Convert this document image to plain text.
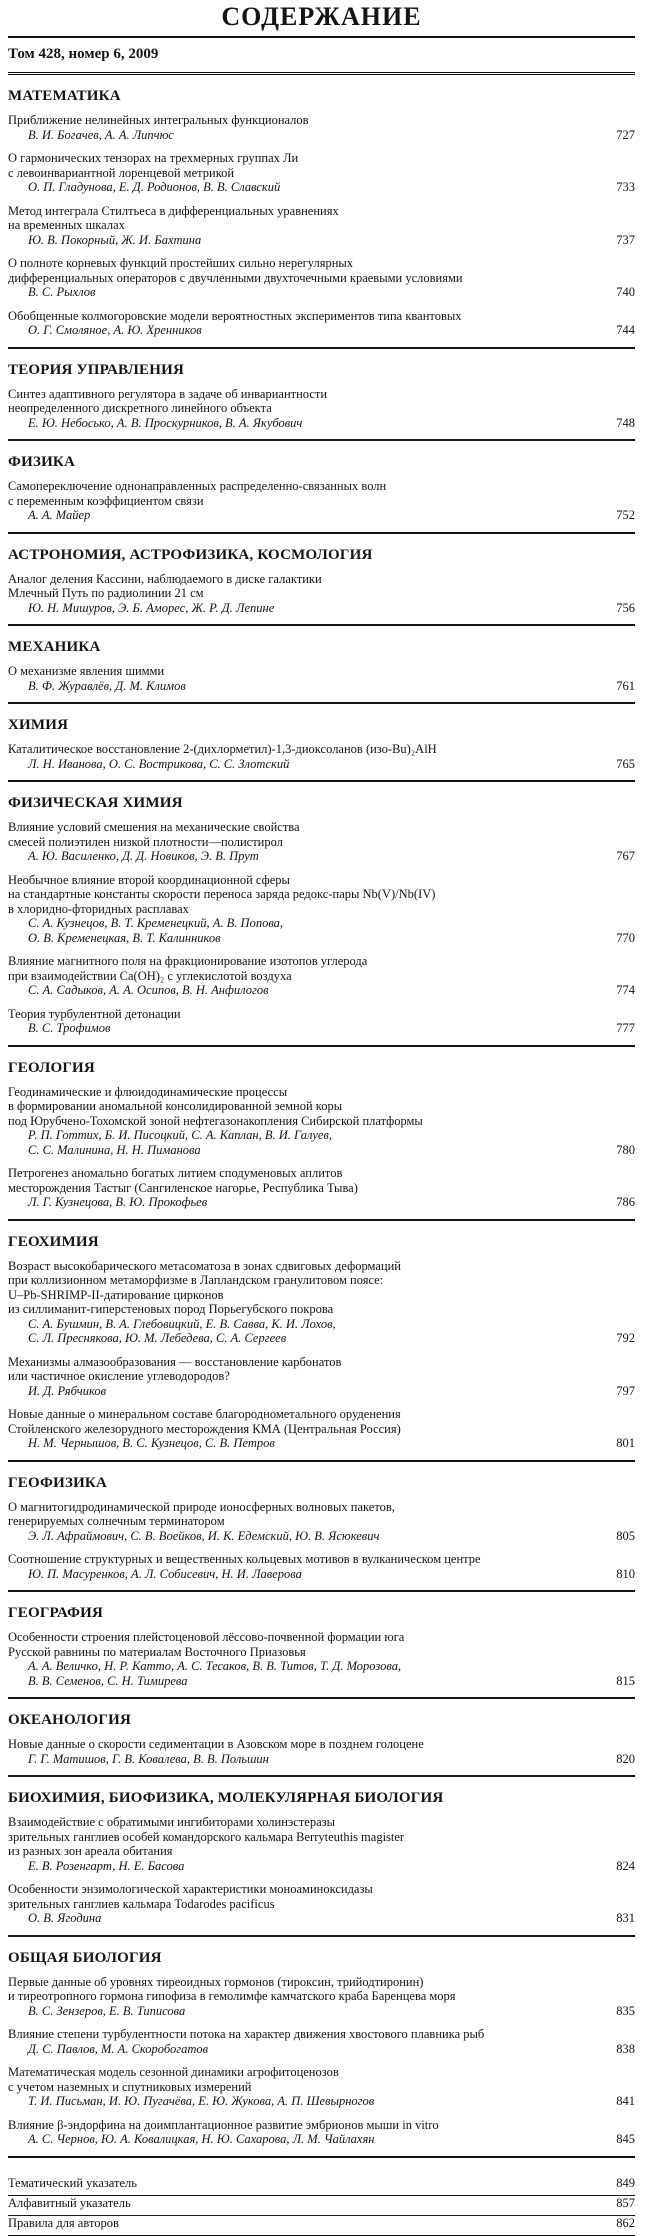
СОДЕРЖАНИЕ
Том 428, номер 6, 2009
МАТЕМАТИКА
Приближение нелинейных интегральных функционалов
В. И. Богачев, А. А. Липчюс	727
О гармонических тензорах на трехмерных группах Ли
с левоинвариантной лоренцевой метрикой
О. П. Гладунова, Е. Д. Родионов, В. В. Славский	733
Метод интеграла Стилтьеса в дифференциальных уравнениях
на временных шкалах
Ю. В. Покорный, Ж. И. Бахтина	737
О полноте корневых функций простейших сильно нерегулярных
дифференциальных операторов с двучленными двухточечными краевыми условиями
В. С. Рыхлов	740
Обобщенные колмогоровские модели вероятностных экспериментов типа квантовых
О. Г. Смоляное, А. Ю. Хренников	744
ТЕОРИЯ УПРАВЛЕНИЯ
Синтез адаптивного регулятора в задаче об инвариантности
неопределенного дискретного линейного объекта
Е. Ю. Небосько, А. В. Проскурников, В. А. Якубович	748
ФИЗИКА
Самопереключение однонаправленных распределенно-связанных волн
с переменным коэффициентом связи
А. А. Майер	752
АСТРОНОМИЯ, АСТРОФИЗИКА, КОСМОЛОГИЯ
Аналог деления Кассини, наблюдаемого в диске галактики
Млечный Путь по радиолинии 21 см
Ю. Н. Мишуров, Э. Б. Аморес, Ж. Р. Д. Лепине	756
МЕХАНИКА
О механизме явления шимми
В. Ф. Журавлёв, Д. М. Климов	761
ХИМИЯ
Каталитическое восстановление 2-(дихлорметил)-1,3-диоксоланов (изо-Bu)₂AlH
Л. Н. Иванова, О. С. Вострикова, С. С. Злотский	765
ФИЗИЧЕСКАЯ ХИМИЯ
Влияние условий смешения на механические свойства
смесей полиэтилен низкой плотности—полистирол
А. Ю. Василенко, Д. Д. Новиков, Э. В. Прут	767
Необычное влияние второй координационной сферы
на стандартные константы скорости переноса заряда редокс-пары Nb(V)/Nb(IV)
в хлоридно-фторидных расплавах
С. А. Кузнецов, В. Т. Кременецкий, А. В. Попова,
О. В. Кременецкая, В. Т. Калинников	770
Влияние магнитного поля на фракционирование изотопов углерода
при взаимодействии Ca(OH)₂ с углекислотой воздуха
С. А. Садыков, А. А. Осипов, В. Н. Анфилогов	774
Теория турбулентной детонации
В. С. Трофимов	777
ГЕОЛОГИЯ
Геодинамические и флюидодинамические процессы
в формировании аномальной консолидированной земной коры
под Юрубчено-Тохомской зоной нефтегазонакопления Сибирской платформы
Р. П. Готтих, Б. И. Писоцкий, С. А. Каплан, В. И. Галуев,
С. С. Малинина, Н. Н. Пиманова	780
Петрогенез аномально богатых литием сподуменовых аплитов
месторождения Тастыг (Сангиленское нагорье, Республика Тыва)
Л. Г. Кузнецова, В. Ю. Прокофьев	786
ГЕОХИМИЯ
Возраст высокобарического метасоматоза в зонах сдвиговых деформаций
при коллизионном метаморфизме в Лапландском гранулитовом поясе:
U–Pb-SHRIMP-II-датирование цирконов
из силлиманит-гиперстеновых пород Порьегубского покрова
С. А. Бушмин, В. А. Глебовицкий, Е. В. Савва, К. И. Лохов,
С. Л. Преснякова, Ю. М. Лебедева, С. А. Сергеев	792
Механизмы алмазообразования — восстановление карбонатов
или частичное окисление углеводородов?
И. Д. Рябчиков	797
Новые данные о минеральном составе благороднометального оруденения
Стойленского железорудного месторождения КМА (Центральная Россия)
Н. М. Чернышов, В. С. Кузнецов, С. В. Петров	801
ГЕОФИЗИКА
О магнитогидродинамической природе ионосферных волновых пакетов,
генерируемых солнечным терминатором
Э. Л. Афраймович, С. В. Воейков, И. К. Едемский, Ю. В. Ясюкевич	805
Соотношение структурных и вещественных кольцевых мотивов в вулканическом центре
Ю. П. Масуренков, А. Л. Собисевич, Н. И. Лаверова	810
ГЕОГРАФИЯ
Особенности строения плейстоценовой лёссово-почвенной формации юга
Русской равнины по материалам Восточного Приазовья
А. А. Величко, Н. Р. Катто, А. С. Тесаков, В. В. Титов, Т. Д. Морозова,
В. В. Семенов, С. Н. Тимирева	815
ОКЕАНОЛОГИЯ
Новые данные о скорости седиментации в Азовском море в позднем голоцене
Г. Г. Матишов, Г. В. Ковалева, В. В. Польшин	820
БИОХИМИЯ, БИОФИЗИКА, МОЛЕКУЛЯРНАЯ БИОЛОГИЯ
Взаимодействие с обратимыми ингибиторами холинэстеразы
зрительных ганглиев особей командорского кальмара Berryteuthis magister
из разных зон ареала обитания
Е. В. Розенгарт, Н. Е. Басова	824
Особенности энзимологической характеристики моноаминоксидазы
зрительных ганглиев кальмара Todarodes pacificus
О. В. Ягодина	831
ОБЩАЯ БИОЛОГИЯ
Первые данные об уровнях тиреоидных гормонов (тироксин, трийодтиронин)
и тиреотропного гормона гипофиза в гемолимфе камчатского краба Баренцева моря
В. С. Зензеров, Е. В. Типисова	835
Влияние степени турбулентности потока на характер движения хвостового плавника рыб
Д. С. Павлов, М. А. Скоробогатов	838
Математическая модель сезонной динамики агрофитоценозов
с учетом наземных и спутниковых измерений
Т. И. Письман, И. Ю. Пугачёва, Е. Ю. Жукова, А. П. Шевырногов	841
Влияние β-эндорфина на доимплантационное развитие эмбрионов мыши in vitro
А. С. Чернов, Ю. А. Ковалицкая, Н. Ю. Сахарова, Л. М. Чайлахян	845
Тематический указатель	849
Алфавитный указатель	857
Правила для авторов	862
